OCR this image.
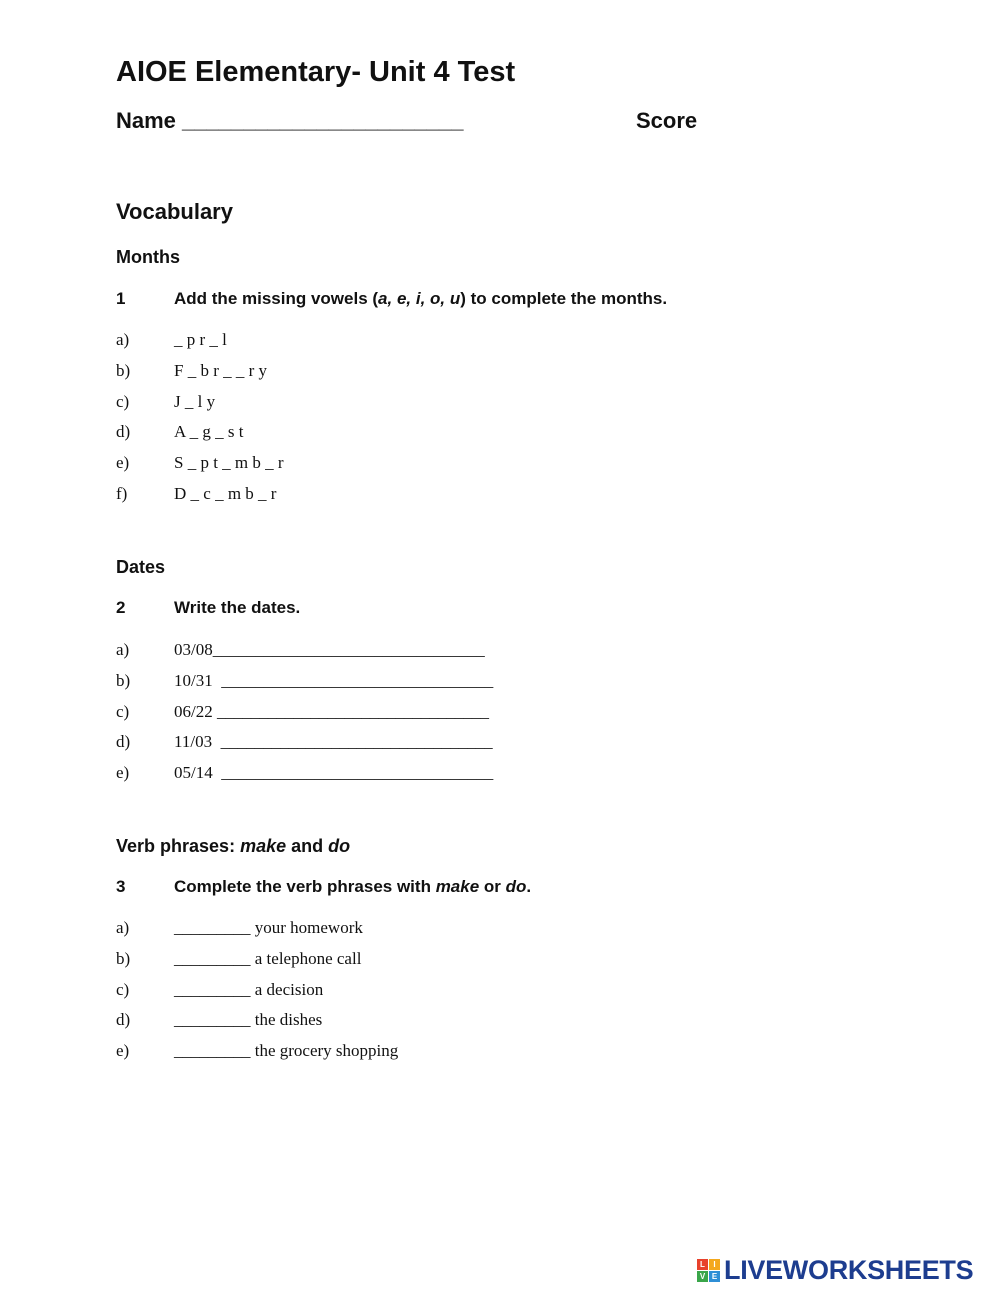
AIOE Elementary- Unit 4 Test
Name _______________________	Score
Vocabulary
Months
1	Add the missing vowels (a, e, i, o, u) to complete the months.
a)	_ p r _ l
b)	F _ b r _ _ r y
c)	J _ l y
d)	A _ g _ s t
e)	S _ p t _ m b _ r
f)	D _ c _ m b _ r
Dates
2	Write the dates.
a)	03/08________________________________
b)	10/31  ________________________________
c)	06/22 ________________________________
d)	11/03  ________________________________
e)	05/14  ________________________________
Verb phrases: make and do
3	Complete the verb phrases with make or do.
a)	_________ your homework
b)	_________ a telephone call
c)	_________ a decision
d)	_________ the dishes
e)	_________ the grocery shopping
L	I
V E LIVEWORKSHEETS
